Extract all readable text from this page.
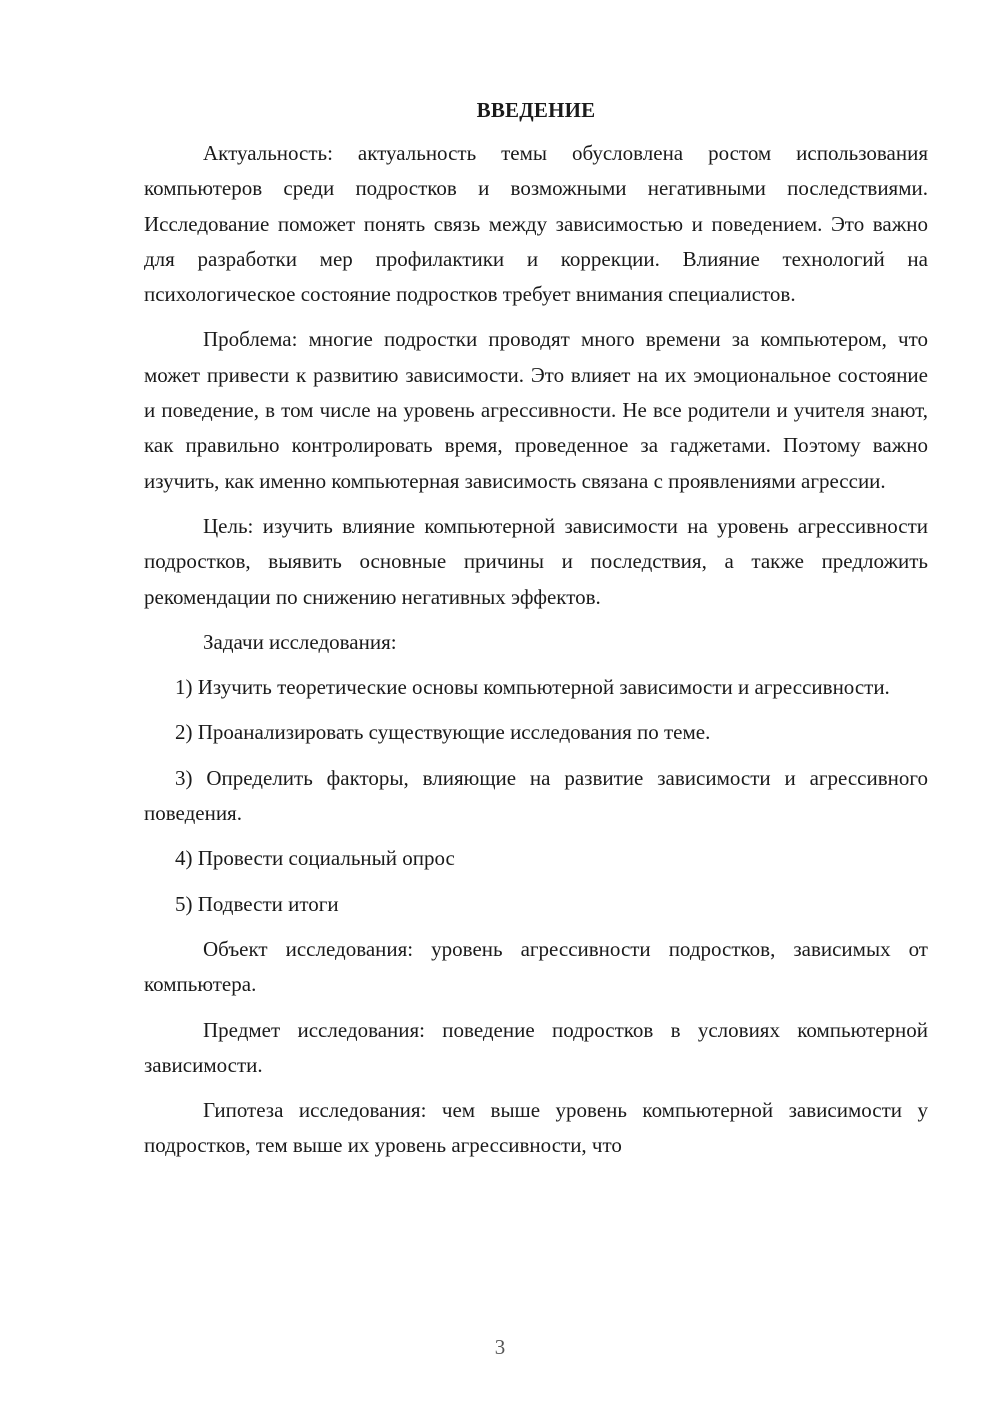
ВВЕДЕНИЕ

Актуальность: актуальность темы обусловлена ростом использования компьютеров среди подростков и возможными негативными последствиями. Исследование поможет понять связь между зависимостью и поведением. Это важно для разработки мер профилактики и коррекции. Влияние технологий на психологическое состояние подростков требует внимания специалистов.

Проблема: многие подростки проводят много времени за компьютером, что может привести к развитию зависимости. Это влияет на их эмоциональное состояние и поведение, в том числе на уровень агрессивности. Не все родители и учителя знают, как правильно контролировать время, проведенное за гаджетами. Поэтому важно изучить, как именно компьютерная зависимость связана с проявлениями агрессии.

Цель: изучить влияние компьютерной зависимости на уровень агрессивности подростков, выявить основные причины и последствия, а также предложить рекомендации по снижению негативных эффектов.

Задачи исследования:

1) Изучить теоретические основы компьютерной зависимости и агрессивности.

2) Проанализировать существующие исследования по теме.

3) Определить факторы, влияющие на развитие зависимости и агрессивного поведения.

4) Провести социальный опрос

5) Подвести итоги

Объект исследования: уровень агрессивности подростков, зависимых от компьютера.

Предмет исследования: поведение подростков в условиях компьютерной зависимости.

Гипотеза исследования: чем выше уровень компьютерной зависимости у подростков, тем выше их уровень агрессивности, что

3
